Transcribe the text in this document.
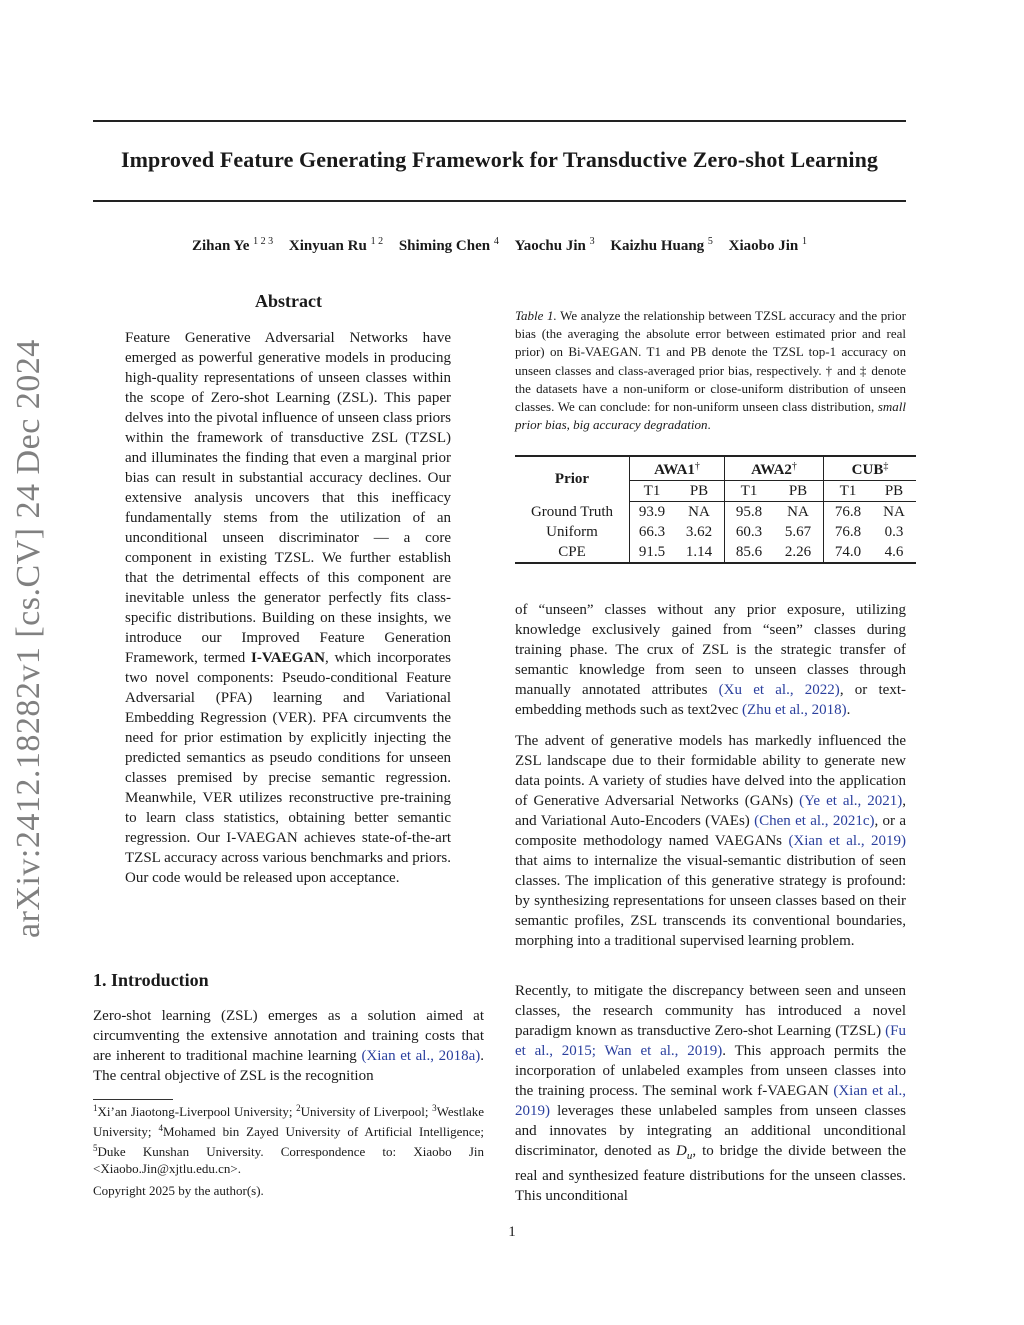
Improved Feature Generating Framework for Transductive Zero-shot Learning
Zihan Ye $^{1 2 3}$ Xinyuan Ru $^{1 2}$ Shiming Chen $^4$ Yaochu Jin $^3$ Kaizhu Huang $^5$ Xiaobo Jin $^1$
arXiv:2412.18282v1 [cs.CV] 24 Dec 2024
Abstract
Feature Generative Adversarial Networks have emerged as powerful generative models in producing high-quality representations of unseen classes within the scope of Zero-shot Learning (ZSL). This paper delves into the pivotal influence of unseen class priors within the framework of transductive ZSL (TZSL) and illuminates the finding that even a marginal prior bias can result in substantial accuracy declines. Our extensive analysis uncovers that this inefficacy fundamentally stems from the utilization of an unconditional unseen discriminator — a core component in existing TZSL. We further establish that the detrimental effects of this component are inevitable unless the generator perfectly fits class-specific distributions. Building on these insights, we introduce our Improved Feature Generation Framework, termed I-VAEGAN, which incorporates two novel components: Pseudo-conditional Feature Adversarial (PFA) learning and Variational Embedding Regression (VER). PFA circumvents the need for prior estimation by explicitly injecting the predicted semantics as pseudo conditions for unseen classes premised by precise semantic regression. Meanwhile, VER utilizes reconstructive pre-training to learn class statistics, obtaining better semantic regression. Our I-VAEGAN achieves state-of-the-art TZSL accuracy across various benchmarks and priors. Our code would be released upon acceptance.
1. Introduction
Zero-shot learning (ZSL) emerges as a solution aimed at circumventing the extensive annotation and training costs that are inherent to traditional machine learning (Xian et al., 2018a). The central objective of ZSL is the recognition
$^1$Xi’an Jiaotong-Liverpool University; $^2$University of Liverpool; $^3$Westlake University; $^4$Mohamed bin Zayed University of Artificial Intelligence; $^5$Duke Kunshan University. Correspondence to: Xiaobo Jin <Xiaobo.Jin@xjtlu.edu.cn>.
Copyright 2025 by the author(s).
Table 1. We analyze the relationship between TZSL accuracy and the prior bias (the averaging the absolute error between estimated prior and real prior) on Bi-VAEGAN. T1 and PB denote the TZSL top-1 accuracy on unseen classes and class-averaged prior bias, respectively. † and ‡ denote the datasets have a non-uniform or close-uniform distribution of unseen classes. We can conclude: for non-uniform unseen class distribution, small prior bias, big accuracy degradation.
Prior	AWA1†		AWA2†		CUB‡
	T1	PB	T1	PB	T1	PB
Ground Truth	93.9	NA	95.8	NA	76.8	NA
Uniform	66.3	3.62	60.3	5.67	76.8	0.3
CPE	91.5	1.14	85.6	2.26	74.0	4.6
of “unseen” classes without any prior exposure, utilizing knowledge exclusively gained from “seen” classes during training phase. The crux of ZSL is the strategic transfer of semantic knowledge from seen to unseen classes through manually annotated attributes (Xu et al., 2022), or text-embedding methods such as text2vec (Zhu et al., 2018).
The advent of generative models has markedly influenced the ZSL landscape due to their formidable ability to generate new data points. A variety of studies have delved into the application of Generative Adversarial Networks (GANs) (Ye et al., 2021), and Variational Auto-Encoders (VAEs) (Chen et al., 2021c), or a composite methodology named VAEGANs (Xian et al., 2019) that aims to internalize the visual-semantic distribution of seen classes. The implication of this generative strategy is profound: by synthesizing representations for unseen classes based on their semantic profiles, ZSL transcends its conventional boundaries, morphing into a traditional supervised learning problem.
Recently, to mitigate the discrepancy between seen and unseen classes, the research community has introduced a novel paradigm known as transductive Zero-shot Learning (TZSL) (Fu et al., 2015; Wan et al., 2019). This approach permits the incorporation of unlabeled examples from unseen classes into the training process. The seminal work f-VAEGAN (Xian et al., 2019) leverages these unlabeled samples from unseen classes and innovates by integrating an additional unconditional discriminator, denoted as $D_u$, to bridge the divide between the real and synthesized feature distributions for the unseen classes. This unconditional
1
